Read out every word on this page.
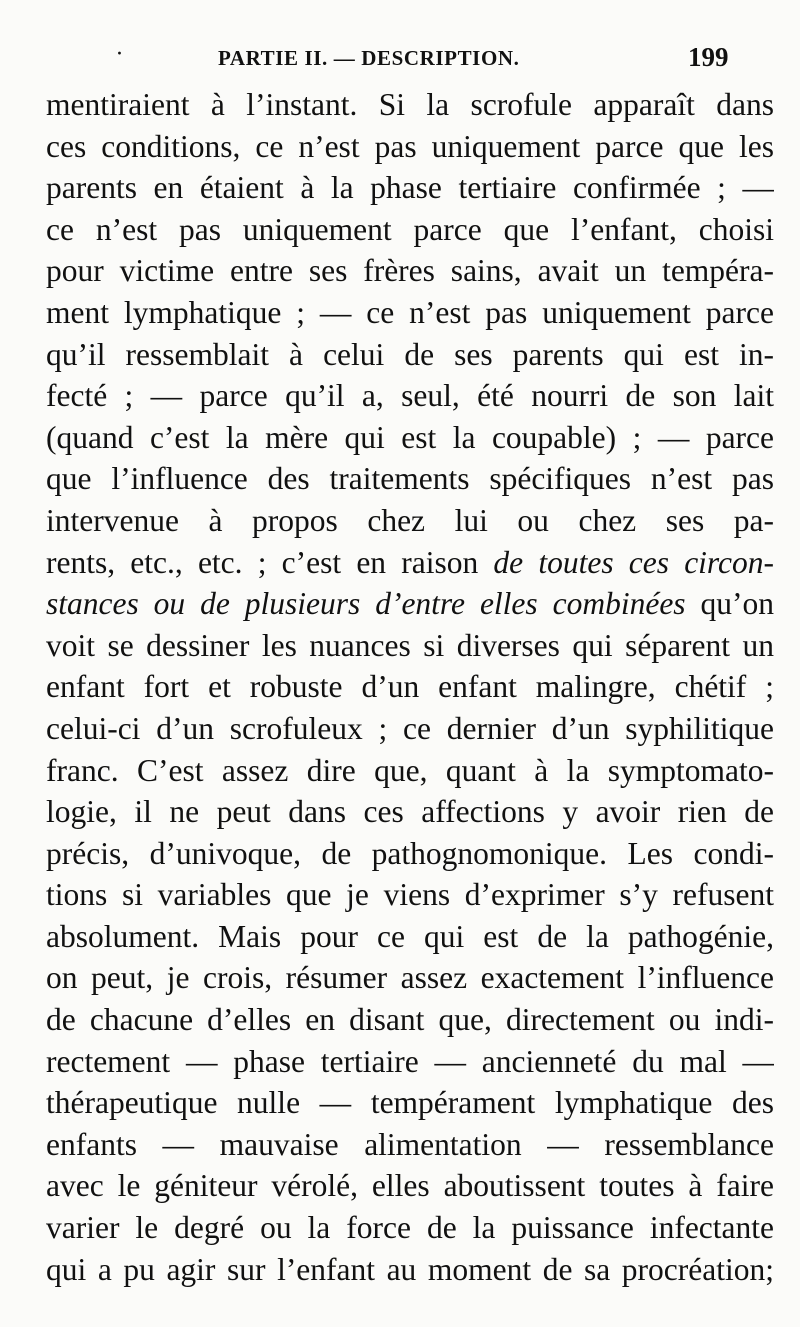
·	PARTIE II. — DESCRIPTION.	199
mentiraient à l’instant. Si la scrofule apparaît dans
ces conditions, ce n’est pas uniquement parce que les
parents en étaient à la phase tertiaire confirmée ; —
ce n’est pas uniquement parce que l’enfant, choisi
pour victime entre ses frères sains, avait un tempéra-
ment lymphatique ; — ce n’est pas uniquement parce
qu’il ressemblait à celui de ses parents qui est in-
fecté ; — parce qu’il a, seul, été nourri de son lait
(quand c’est la mère qui est la coupable) ; — parce
que l’influence des traitements spécifiques n’est pas
intervenue à propos chez lui ou chez ses pa-
rents, etc., etc. ; c’est en raison de toutes ces circon-
stances ou de plusieurs d’entre elles combinées qu’on
voit se dessiner les nuances si diverses qui séparent un
enfant fort et robuste d’un enfant malingre, chétif ;
celui-ci d’un scrofuleux ; ce dernier d’un syphilitique
franc. C’est assez dire que, quant à la symptomato-
logie, il ne peut dans ces affections y avoir rien de
précis, d’univoque, de pathognomonique. Les condi-
tions si variables que je viens d’exprimer s’y refusent
absolument. Mais pour ce qui est de la pathogénie,
on peut, je crois, résumer assez exactement l’influence
de chacune d’elles en disant que, directement ou indi-
rectement — phase tertiaire — ancienneté du mal —
thérapeutique nulle — tempérament lymphatique des
enfants — mauvaise alimentation — ressemblance
avec le géniteur vérolé, elles aboutissent toutes à faire
varier le degré ou la force de la puissance infectante
qui a pu agir sur l’enfant au moment de sa procréation;
